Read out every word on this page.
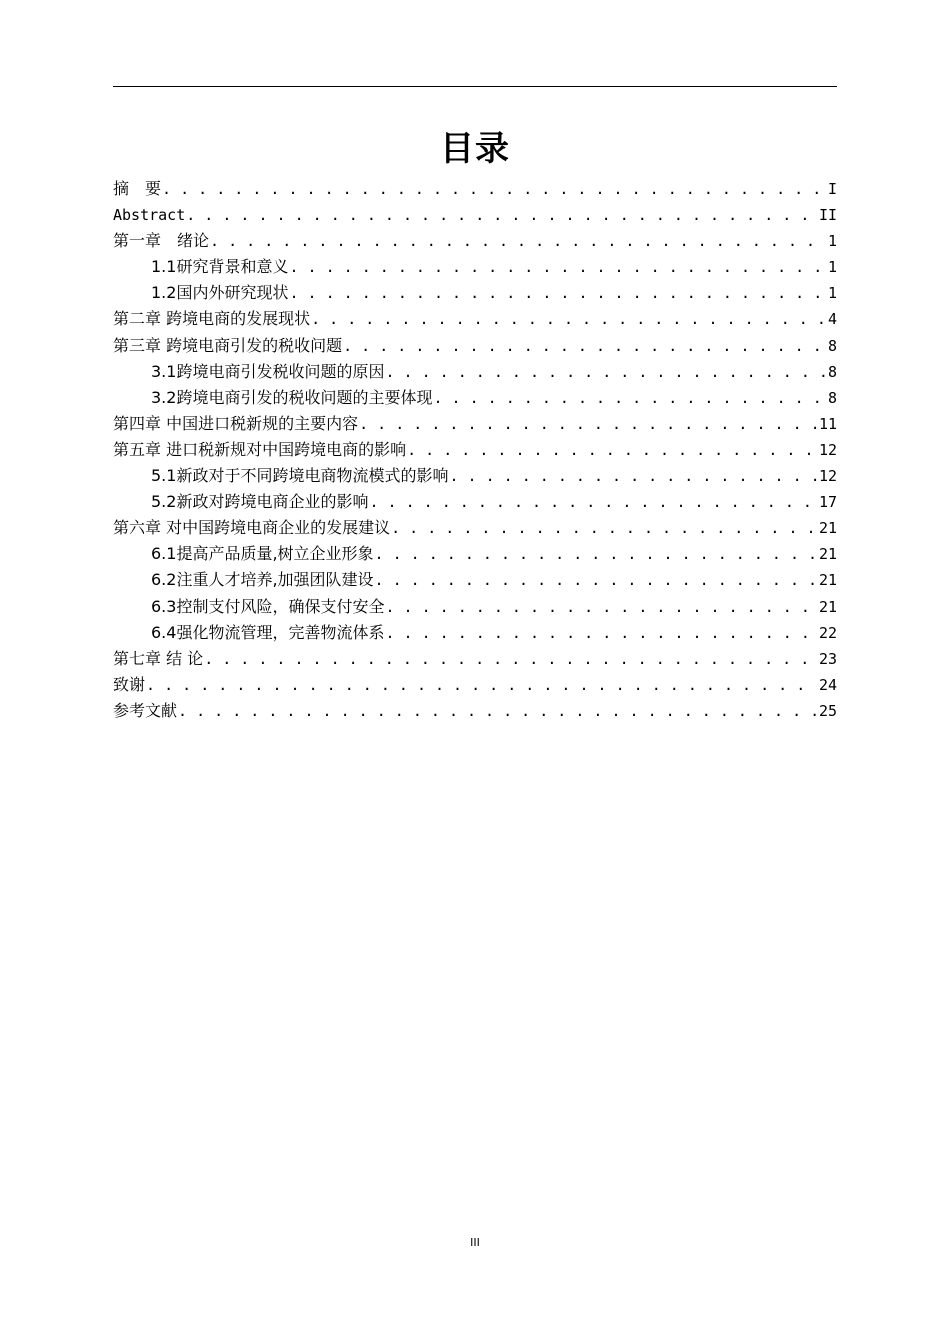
目录
摘　要 . . .	I
Abstract . . .	II
第一章　绪论 . . .	1
1.1研究背景和意义 . . .	1
1.2国内外研究现状 . . .	1
第二章 跨境电商的发展现状 . . .	4
第三章 跨境电商引发的税收问题 . . .	8
3.1跨境电商引发税收问题的原因 . . .	8
3.2跨境电商引发的税收问题的主要体现 . . .	8
第四章 中国进口税新规的主要内容 . . .	11
第五章 进口税新规对中国跨境电商的影响 . . .	12
5.1新政对于不同跨境电商物流模式的影响 . . .	12
5.2新政对跨境电商企业的影响 . . .	17
第六章 对中国跨境电商企业的发展建议 . . .	21
6.1提高产品质量,树立企业形象 . . .	21
6.2注重人才培养,加强团队建设 . . .	21
6.3控制支付风险，确保支付安全 . . .	21
6.4强化物流管理，完善物流体系 . . .	22
第七章 结 论 . . .	23
致谢 . . .	24
参考文献 . . .	25
III
